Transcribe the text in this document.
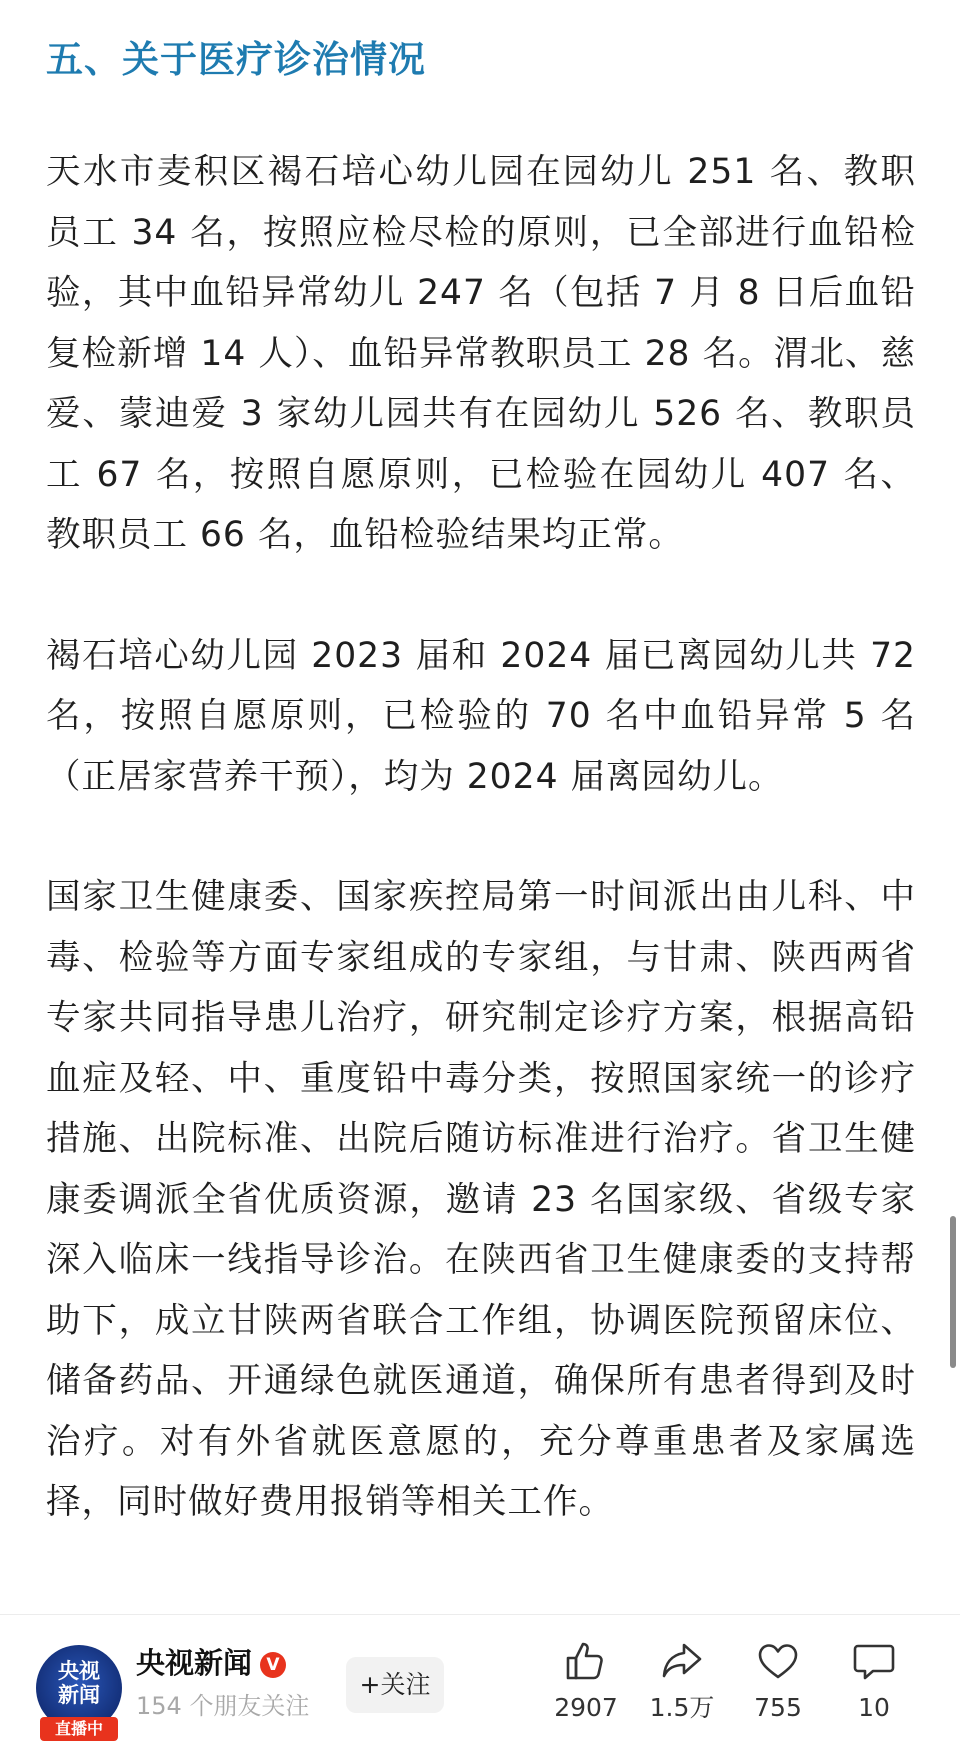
五、关于医疗诊治情况

天水市麦积区褐石培心幼儿园在园幼儿 251 名、教职员工 34 名，按照应检尽检的原则，已全部进行血铅检验，其中血铅异常幼儿 247 名（包括 7 月 8 日后血铅复检新增 14 人）、血铅异常教职员工 28 名。渭北、慈爱、蒙迪爱 3 家幼儿园共有在园幼儿 526 名、教职员工 67 名，按照自愿原则，已检验在园幼儿 407 名、教职员工 66 名，血铅检验结果均正常。

褐石培心幼儿园 2023 届和 2024 届已离园幼儿共 72 名，按照自愿原则，已检验的 70 名中血铅异常 5 名（正居家营养干预），均为 2024 届离园幼儿。

国家卫生健康委、国家疾控局第一时间派出由儿科、中毒、检验等方面专家组成的专家组，与甘肃、陕西两省专家共同指导患儿治疗，研究制定诊疗方案，根据高铅血症及轻、中、重度铅中毒分类，按照国家统一的诊疗措施、出院标准、出院后随访标准进行治疗。省卫生健康委调派全省优质资源，邀请 23 名国家级、省级专家深入临床一线指导诊治。在陕西省卫生健康委的支持帮助下，成立甘陕两省联合工作组，协调医院预留床位、储备药品、开通绿色就医通道，确保所有患者得到及时治疗。对有外省就医意愿的，充分尊重患者及家属选择，同时做好费用报销等相关工作。

央视
新闻
直播中
央视新闻 V
154 个朋友关注
+关注
2907	1.5万	755	10
